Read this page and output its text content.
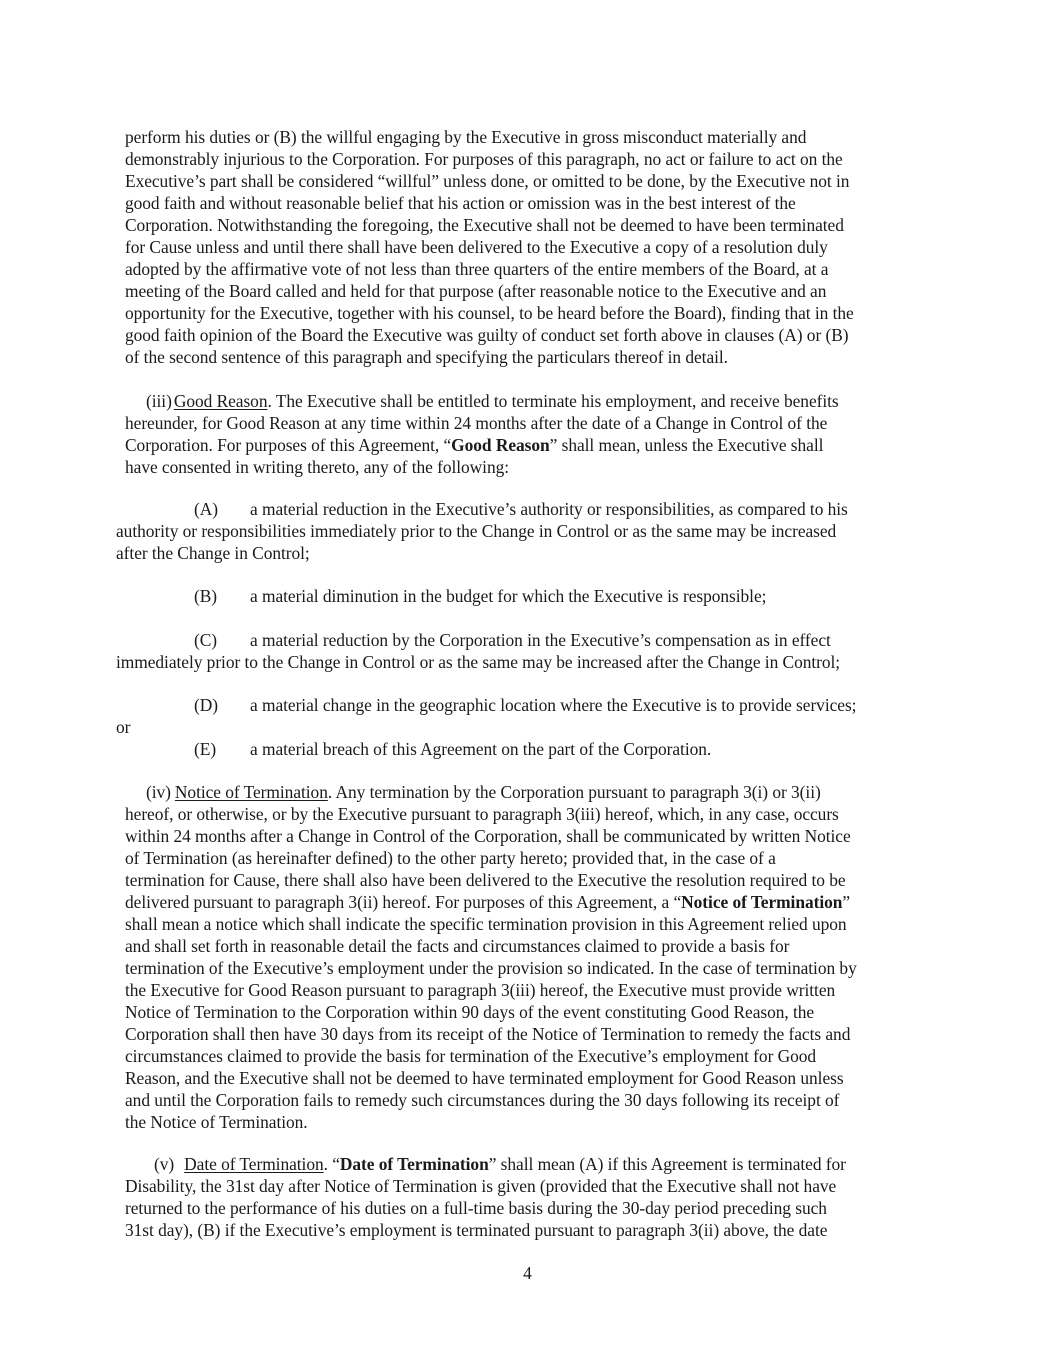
perform his duties or (B) the willful engaging by the Executive in gross misconduct materially and
demonstrably injurious to the Corporation. For purposes of this paragraph, no act or failure to act on the
Executive’s part shall be considered “willful” unless done, or omitted to be done, by the Executive not in
good faith and without reasonable belief that his action or omission was in the best interest of the
Corporation. Notwithstanding the foregoing, the Executive shall not be deemed to have been terminated
for Cause unless and until there shall have been delivered to the Executive a copy of a resolution duly
adopted by the affirmative vote of not less than three quarters of the entire members of the Board, at a
meeting of the Board called and held for that purpose (after reasonable notice to the Executive and an
opportunity for the Executive, together with his counsel, to be heard before the Board), finding that in the
good faith opinion of the Board the Executive was guilty of conduct set forth above in clauses (A) or (B)
of the second sentence of this paragraph and specifying the particulars thereof in detail.
(iii) Good Reason. The Executive shall be entitled to terminate his employment, and receive benefits
hereunder, for Good Reason at any time within 24 months after the date of a Change in Control of the
Corporation. For purposes of this Agreement, “Good Reason” shall mean, unless the Executive shall
have consented in writing thereto, any of the following:
(A) a material reduction in the Executive’s authority or responsibilities, as compared to his
authority or responsibilities immediately prior to the Change in Control or as the same may be increased
after the Change in Control;
(B) a material diminution in the budget for which the Executive is responsible;
(C) a material reduction by the Corporation in the Executive’s compensation as in effect
immediately prior to the Change in Control or as the same may be increased after the Change in Control;
(D) a material change in the geographic location where the Executive is to provide services;
or
(E) a material breach of this Agreement on the part of the Corporation.
(iv) Notice of Termination. Any termination by the Corporation pursuant to paragraph 3(i) or 3(ii)
hereof, or otherwise, or by the Executive pursuant to paragraph 3(iii) hereof, which, in any case, occurs
within 24 months after a Change in Control of the Corporation, shall be communicated by written Notice
of Termination (as hereinafter defined) to the other party hereto; provided that, in the case of a
termination for Cause, there shall also have been delivered to the Executive the resolution required to be
delivered pursuant to paragraph 3(ii) hereof. For purposes of this Agreement, a “Notice of Termination”
shall mean a notice which shall indicate the specific termination provision in this Agreement relied upon
and shall set forth in reasonable detail the facts and circumstances claimed to provide a basis for
termination of the Executive’s employment under the provision so indicated. In the case of termination by
the Executive for Good Reason pursuant to paragraph 3(iii) hereof, the Executive must provide written
Notice of Termination to the Corporation within 90 days of the event constituting Good Reason, the
Corporation shall then have 30 days from its receipt of the Notice of Termination to remedy the facts and
circumstances claimed to provide the basis for termination of the Executive’s employment for Good
Reason, and the Executive shall not be deemed to have terminated employment for Good Reason unless
and until the Corporation fails to remedy such circumstances during the 30 days following its receipt of
the Notice of Termination.
(v) Date of Termination. “Date of Termination” shall mean (A) if this Agreement is terminated for
Disability, the 31st day after Notice of Termination is given (provided that the Executive shall not have
returned to the performance of his duties on a full-time basis during the 30-day period preceding such
31st day), (B) if the Executive’s employment is terminated pursuant to paragraph 3(ii) above, the date
4
